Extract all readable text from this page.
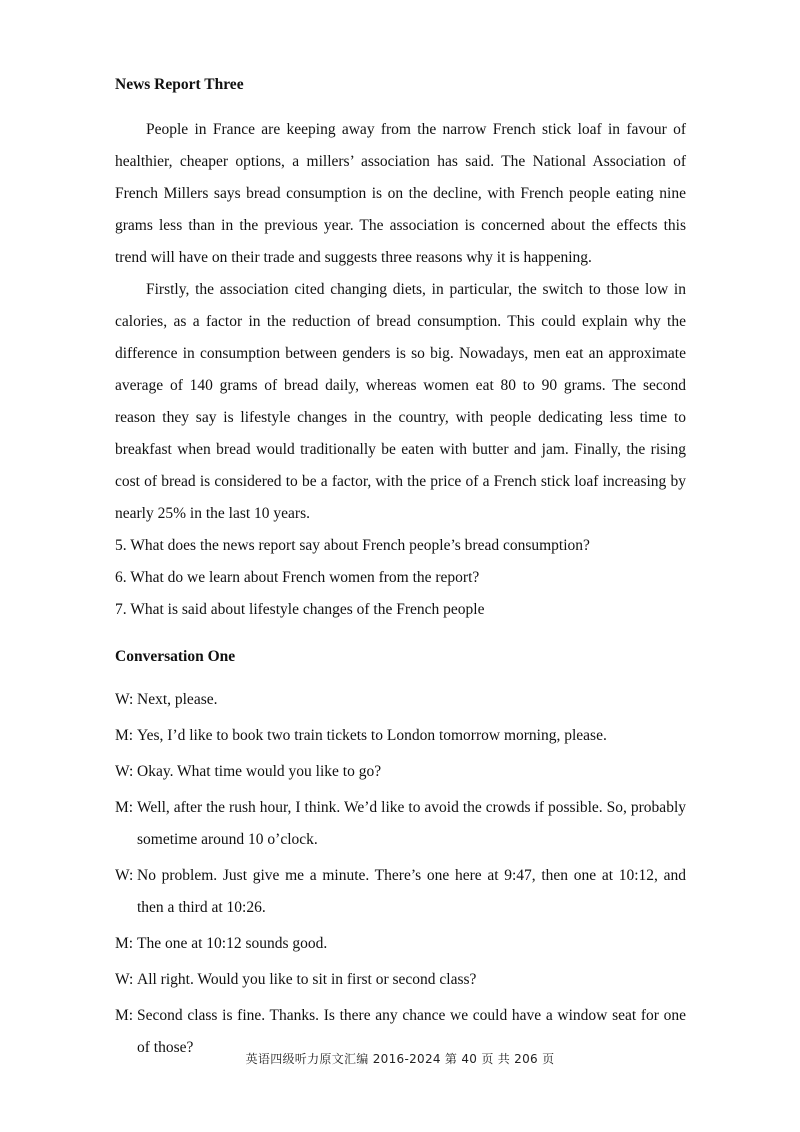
News Report Three

People in France are keeping away from the narrow French stick loaf in favour of healthier, cheaper options, a millers’ association has said. The National Association of French Millers says bread consumption is on the decline, with French people eating nine grams less than in the previous year. The association is concerned about the effects this trend will have on their trade and suggests three reasons why it is happening.

Firstly, the association cited changing diets, in particular, the switch to those low in calories, as a factor in the reduction of bread consumption. This could explain why the difference in consumption between genders is so big. Nowadays, men eat an approximate average of 140 grams of bread daily, whereas women eat 80 to 90 grams. The second reason they say is lifestyle changes in the country, with people dedicating less time to breakfast when bread would traditionally be eaten with butter and jam. Finally, the rising cost of bread is considered to be a factor, with the price of a French stick loaf increasing by nearly 25% in the last 10 years.

5. What does the news report say about French people’s bread consumption?

6. What do we learn about French women from the report?

7. What is said about lifestyle changes of the French people

Conversation One
W: Next, please.
M: Yes, I’d like to book two train tickets to London tomorrow morning, please.
W: Okay. What time would you like to go?
M: Well, after the rush hour, I think. We’d like to avoid the crowds if possible. So, probably sometime around 10 o’clock.
W: No problem. Just give me a minute. There’s one here at 9:47, then one at 10:12, and then a third at 10:26.
M: The one at 10:12 sounds good.
W: All right. Would you like to sit in first or second class?
M: Second class is fine. Thanks. Is there any chance we could have a window seat for one of those?
英语四级听力原文汇编 2016-2024 第 40 页 共 206 页
